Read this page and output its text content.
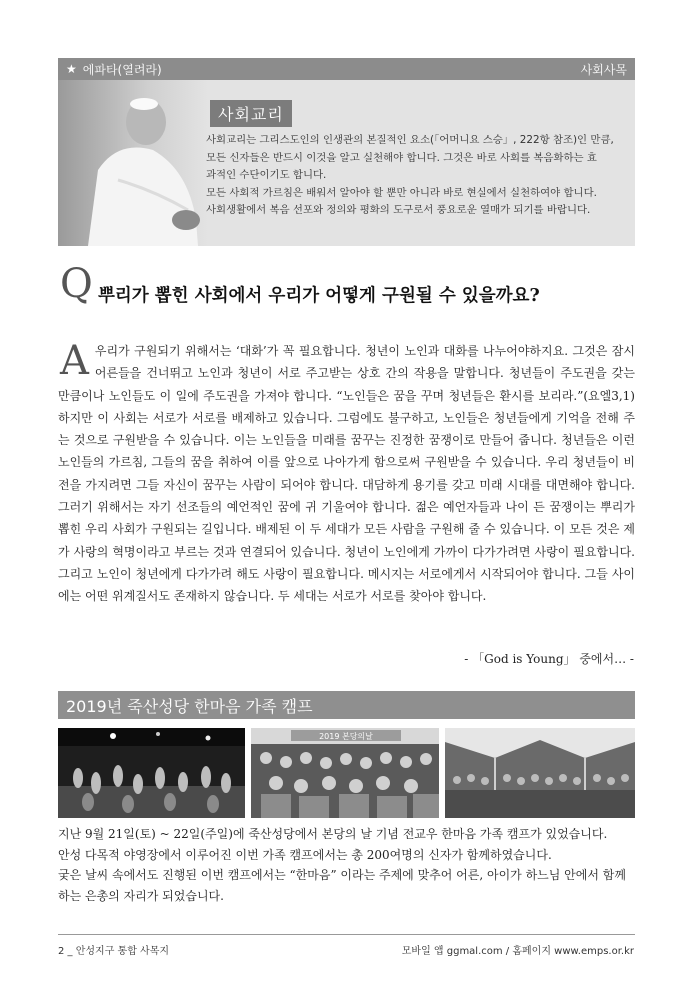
★ 에파타(열려라)	사회사목
사회교리

사회교리는 그리스도인의 인생관의 본질적인 요소(「어머니요 스승」, 222항 참조)인 만큼,
모든 신자들은 반드시 이것을 알고 실천해야 합니다. 그것은 바로 사회를 복음화하는 효
과적인 수단이기도 합니다.
모든 사회적 가르침은 배워서 알아야 할 뿐만 아니라 바로 현실에서 실천하여야 합니다.
사회생활에서 복음 선포와 정의와 평화의 도구로서 풍요로운 열매가 되기를 바랍니다.

Q 뿌리가 뽑힌 사회에서 우리가 어떻게 구원될 수 있을까요?

A 우리가 구원되기 위해서는 ‘대화’가 꼭 필요합니다. 청년이 노인과 대화를 나누어야하지요. 그것은 잠시 어른들을 건너뛰고 노인과 청년이 서로 주고받는 상호 간의 작용을 말합니다. 청년들이 주도권을 갖는 만큼이나 노인들도 이 일에 주도권을 가져야 합니다. “노인들은 꿈을 꾸며 청년들은 환시를 보리라.”(요엘3,1) 하지만 이 사회는 서로가 서로를 배제하고 있습니다. 그럼에도 불구하고, 노인들은 청년들에게 기억을 전해 주는 것으로 구원받을 수 있습니다. 이는 노인들을 미래를 꿈꾸는 진정한 꿈쟁이로 만들어 줍니다. 청년들은 이런 노인들의 가르침, 그들의 꿈을 취하여 이를 앞으로 나아가게 함으로써 구원받을 수 있습니다. 우리 청년들이 비전을 가지려면 그들 자신이 꿈꾸는 사람이 되어야 합니다. 대담하게 용기를 갖고 미래 시대를 대면해야 합니다. 그러기 위해서는 자기 선조들의 예언적인 꿈에 귀 기울여야 합니다. 젊은 예언자들과 나이 든 꿈쟁이는 뿌리가 뽑힌 우리 사회가 구원되는 길입니다. 배제된 이 두 세대가 모든 사람을 구원해 줄 수 있습니다. 이 모든 것은 제가 사랑의 혁명이라고 부르는 것과 연결되어 있습니다. 청년이 노인에게 가까이 다가가려면 사랑이 필요합니다. 그리고 노인이 청년에게 다가가려 해도 사랑이 필요합니다. 메시지는 서로에게서 시작되어야 합니다. 그들 사이에는 어떤 위계질서도 존재하지 않습니다. 두 세대는 서로가 서로를 찾아야 합니다.

- 「God is Young」 중에서… -

2019년 죽산성당 한마음 가족 캠프
2019 본당의날

지난 9월 21일(토) ~ 22일(주일)에 죽산성당에서 본당의 날 기념 전교우 한마음 가족 캠프가 있었습니다.

안성 다목적 야영장에서 이루어진 이번 가족 캠프에서는 총 200여명의 신자가 함께하였습니다.

궂은 날씨 속에서도 진행된 이번 캠프에서는 “한마음” 이라는 주제에 맞추어 어른, 아이가 하느님 안에서 함께하는 은총의 자리가 되었습니다.

2 _ 안성지구 통합 사목지	모바일 앱 ggmal.com / 홈페이지 www.emps.or.kr
